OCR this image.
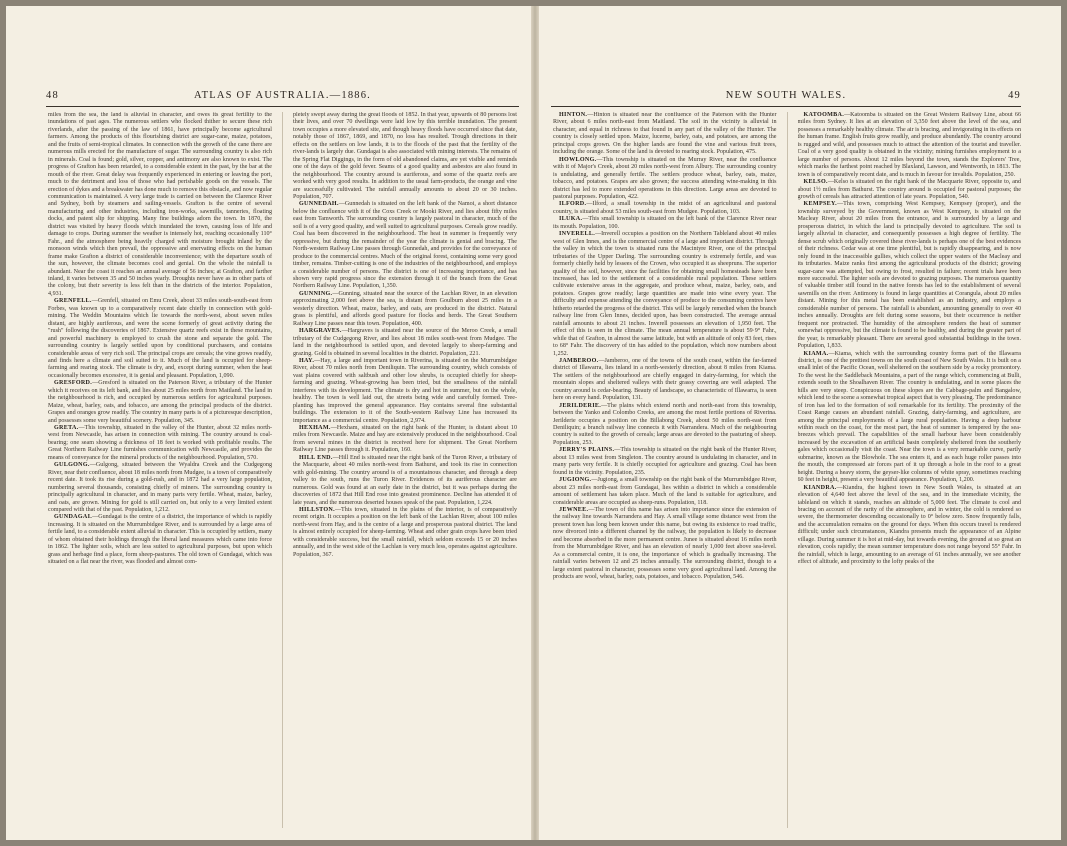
48	ATLAS OF AUSTRALIA.—1886.

miles from the sea, the land is alluvial in character, and owes its great fertility to the inundations of past ages. The numerous settlers who flocked thither to secure these rich riverlands, after the passing of the law of 1861, have principally become agricultural farmers. Among the products of this flourishing district are sugar-cane, maize, potatoes, and the fruits of semi-tropical climates. In connection with the growth of the cane there are numerous mills erected for the manufacture of sugar. The surrounding country is also rich in minerals. Coal is found; gold, silver, copper, and antimony are also known to exist. The progress of Grafton has been retarded, to a considerable extent in the past, by the bar at the mouth of the river. Great delay was frequently experienced in entering or leaving the port, much to the detriment and loss of those who had perishable goods on the vessels. The erection of dykes and a breakwater has done much to remove this obstacle, and now regular communication is maintained. A very large trade is carried on between the Clarence River and Sydney, both by steamers and sailing-vessels. Grafton is the centre of several manufacturing and other industries, including iron-works, sawmills, tanneries, floating docks, and patent slip for shipping. Many fine buildings adorn the town. In 1870, the district was visited by heavy floods which inundated the town, causing loss of life and damage to crops. During summer the weather is intensely hot, reaching occasionally 110° Fahr., and the atmosphere being heavily charged with moisture brought inland by the monsoon winds which then prevail, the oppressive and enervating effects on the human frame make Grafton a district of considerable inconvenience; with the departure south of the sun, however, the climate becomes cool and genial. On the whole the rainfall is abundant. Near the coast it reaches an annual average of 56 inches; at Grafton, and farther inland, it varies between 35 and 50 inches yearly. Droughts never have as in other parts of the colony, but their severity is less felt than in the districts of the interior. Population, 4,931.

GRENFELL.—Grenfell, situated on Emu Creek, about 33 miles south-south-east from Forbes, was known up to a comparatively recent date chiefly in connection with gold-mining. The Weddin Mountains which lie towards the north-west, about seven miles distant, are highly auriferous, and were the scene formerly of great activity during the "rush" following the discoveries of 1867. Extensive quartz reefs exist in these mountains, and powerful machinery is employed to crush the stone and separate the gold. The surrounding country is largely settled upon by conditional purchasers, and contains considerable areas of very rich soil. The principal crops are cereals; the vine grows readily, and finds here a climate and soil suited to it. Much of the land is occupied for sheep-farming and rearing stock. The climate is dry, and, except during summer, when the heat occasionally becomes excessive, it is genial and pleasant. Population, 1,090.

GRESFORD.—Gresford is situated on the Paterson River, a tributary of the Hunter which it receives on its left bank, and lies about 25 miles north from Maitland. The land in the neighbourhood is rich, and occupied by numerous settlers for agricultural purposes. Maize, wheat, barley, oats, and tobacco, are among the principal products of the district. Grapes and oranges grow readily. The country in many parts is of a picturesque description, and possesses some very beautiful scenery. Population, 345.

GRETA.—This township, situated in the valley of the Hunter, about 32 miles north-west from Newcastle, has arisen in connection with mining. The country around is coal-bearing; one seam showing a thickness of 18 feet is worked with profitable results. The Great Northern Railway Line furnishes communication with Newcastle, and provides the means of conveyance for the mineral products of the neighbourhood. Population, 570.

GULGONG.—Gulgong, situated between the Wyaldra Creek and the Cudgegong River, near their confluence, about 18 miles north from Mudgee, is a town of comparatively recent date. It took its rise during a gold-rush, and in 1872 had a very large population, numbering several thousands, consisting chiefly of miners. The surrounding country is principally agricultural in character, and in many parts very fertile. Wheat, maize, barley, and oats, are grown. Mining for gold is still carried on, but only to a very limited extent compared with that of the past. Population, 1,212.

GUNDAGAI.—Gundagai is the centre of a district, the importance of which is rapidly increasing. It is situated on the Murrumbidgee River, and is surrounded by a large area of fertile land, to a considerable extent alluvial in character. This is occupied by settlers, many of whom obtained their holdings through the liberal land measures which came into force in 1862. The lighter soils, which are less suited to agricultural purposes, but upon which grass and herbage find a place, form sheep-pastures. The old town of Gundagai, which was situated on a flat near the river, was flooded and almost com-

pletely swept away during the great floods of 1852. In that year, upwards of 80 persons lost their lives, and over 70 dwellings were laid low by this terrible inundation. The present town occupies a more elevated site, and though heavy floods have occurred since that date, notably those of 1867, 1869, and 1870, no loss has resulted. Trough directions in their effects on the settlers on low lands, it is to the floods of the past that the fertility of the river-lands is largely due. Gundagai is also associated with mining interests. The remains of the Spring Flat Diggings, in the form of old abandoned claims, are yet visible and reminds one of the days of the gold fever. Seams of a good quality and asbestos are also found in the neighbourhood. The country around is auriferous, and some of the quartz reefs are worked with very good results. In addition to the usual farm-products, the orange and vine are successfully cultivated. The rainfall annually amounts to about 20 or 30 inches. Population, 707.

GUNNEDAH.—Gunnedah is situated on the left bank of the Namoi, a short distance below the confluence with it of the Coxs Creek or Mooki River, and lies about fifty miles east from Tamworth. The surrounding country is largely pastoral in character, much of the soil is of a very good quality, and well suited to agricultural purposes. Cereals grow readily. Coal has been discovered in the neighbourhood. The heat in summer is frequently very oppressive, but during the remainder of the year the climate is genial and bracing. The North-western Railway Line passes through Gunnedah, and provides for the conveyance of produce to the commercial centres. Much of the original forest, containing some very good timber, remains. Timber-cutting is one of the industries of the neighbourhood, and employs a considerable number of persons. The district is one of increasing importance, and has shown very rapid progress since the extension through it of the branch from the Great Northern Railway Line. Population, 1,350.

GUNNING.—Gunning, situated near the source of the Lachlan River, in an elevation approximating 2,000 feet above the sea, is distant from Goulburn about 25 miles in a westerly direction. Wheat, maize, barley, and oats, are produced in the district. Natural grass is plentiful, and affords good pasture for flocks and herds. The Great Southern Railway Line passes near this town. Population, 400.

HARGRAVES.—Hargraves is situated near the source of the Meroo Creek, a small tributary of the Cudgegong River, and lies about 18 miles south-west from Mudgee. The land in the neighbourhood is settled upon, and devoted largely to sheep-farming and grazing. Gold is obtained in several localities in the district. Population, 221.

HAY.—Hay, a large and important town in Riverina, is situated on the Murrumbidgee River, about 70 miles north from Deniliquin. The surrounding country, which consists of vast plains covered with saltbush and other low shrubs, is occupied chiefly for sheep-farming and grazing. Wheat-growing has been tried, but the smallness of the rainfall interferes with its development. The climate is dry and hot in summer, but on the whole, healthy. The town is well laid out, the streets being wide and carefully formed. Tree-planting has improved the general appearance. Hay contains several fine substantial buildings. The extension to it of the South-western Railway Line has increased its importance as a commercial centre. Population, 2,974.

HEXHAM.—Hexham, situated on the right bank of the Hunter, is distant about 10 miles from Newcastle. Maize and hay are extensively produced in the neighbourhood. Coal from several mines in the district is received here for shipment. The Great Northern Railway Line passes through it. Population, 160.

HILL END.—Hill End is situated near the right bank of the Turon River, a tributary of the Macquarie, about 40 miles north-west from Bathurst, and took its rise in connection with gold-mining. The country around is of a mountainous character, and through a deep valley to the south, runs the Turon River. Evidences of its auriferous character are numerous. Gold was found at an early date in the district, but it was perhaps during the discoveries of 1872 that Hill End rose into greatest prominence. Decline has attended it of late years, and the numerous deserted houses speak of the past. Population, 1,224.

HILLSTON.—This town, situated in the plains of the interior, is of comparatively recent origin. It occupies a position on the left bank of the Lachlan River, about 100 miles north-west from Hay, and is the centre of a large and prosperous pastoral district. The land is almost entirely occupied for sheep-farming. Wheat and other grain crops have been tried with considerable success, but the small rainfall, which seldom exceeds 15 or 20 inches annually, and in the west side of the Lachlan is very much less, operates against agriculture. Population, 367.

NEW SOUTH WALES.	49

HINTON.—Hinton is situated near the confluence of the Paterson with the Hunter River, about 6 miles north-east from Maitland. The soil in the vicinity is alluvial in character, and equal in richness to that found in any part of the valley of the Hunter. The country is closely settled upon. Maize, lucerne, barley, oats, and potatoes, are among the principal crops grown. On the higher lands are found the vine and various fruit trees, including the orange. Some of the land is devoted to rearing stock. Population, 475.

HOWLONG.—This township is situated on the Murray River, near the confluence with it of Major's Creek, about 20 miles north-west from Albury. The surrounding country is undulating, and generally fertile. The settlers produce wheat, barley, oats, maize, tobacco, and potatoes. Grapes are also grown; the success attending wine-making in this district has led to more extended operations in this direction. Large areas are devoted to pastoral purposes. Population, 422.

ILFORD.—Ilford, a small township in the midst of an agricultural and pastoral country, is situated about 53 miles south-east from Mudgee. Population, 103.

ILUKA.—This small township is situated on the left bank of the Clarence River near its mouth. Population, 100.

INVERELL.—Inverell occupies a position on the Northern Tableland about 40 miles west of Glen Innes, and is the commercial centre of a large and important district. Through the valley in which the town is situated runs the Macintyre River, one of the principal tributaries of the Upper Darling. The surrounding country is extremely fertile, and was formerly chiefly held by lessees of the Crown, who occupied it as sheepruns. The superior quality of the soil, however, since the facilities for obtaining small homesteads have been increased, has led to the settlement of a considerable rural population. These settlers cultivate extensive areas in the aggregate, and produce wheat, maize, barley, oats, and potatoes. Grapes grow readily; large quantities are made into wine every year. The difficulty and expense attending the conveyance of produce to the consuming centres have hitherto retarded the progress of the district. This will be largely remedied when the branch railway line from Glen Innes, decided upon, has been constructed. The average annual rainfall amounts to about 21 inches. Inverell possesses an elevation of 1,950 feet. The effect of this is seen in the climate. The mean annual temperature is about 59·9° Fahr., while that of Grafton, in almost the same latitude, but with an altitude of only 83 feet, rises to 68° Fahr. The discovery of tin has added to the population, which now numbers about 1,252.

JAMBEROO.—Jamberoo, one of the towns of the south coast, within the far-famed district of Illawarra, lies inland in a north-westerly direction, about 8 miles from Kiama. The settlers of the neighbourhood are chiefly engaged in dairy-farming, for which the mountain slopes and sheltered valleys with their grassy covering are well adapted. The country around is cedar-bearing. Beauty of landscape, so characteristic of Illawarra, is seen here on every hand. Population, 131.

JERILDERIE.—The plains which extend north and north-east from this township, between the Yanko and Colombo Creeks, are among the most fertile portions of Riverina. Jerilderie occupies a position on the Billabong Creek, about 50 miles north-east from Deniliquin; a branch railway line connects it with Narrandera. Much of the neighbouring country is suited to the growth of cereals; large areas are devoted to the pasturing of sheep. Population, 253.

JERRY'S PLAINS.—This township is situated on the right bank of the Hunter River, about 13 miles west from Singleton. The country around is undulating in character, and in many parts very fertile. It is chiefly occupied for agriculture and grazing. Coal has been found in the vicinity. Population, 235.

JUGIONG.—Jugiong, a small township on the right bank of the Murrumbidgee River, about 23 miles north-east from Gundagai, lies within a district in which a considerable amount of settlement has taken place. Much of the land is suitable for agriculture, and considerable areas are occupied as sheep-runs. Population, 118.

JEWNEE.—The town of this name has arisen into importance since the extension of the railway line towards Narrandera and Hay. A small village some distance west from the present town has long been known under this name, but owing its existence to road traffic, now divorced into a different channel by the railway, the population is likely to decrease and become absorbed in the more permanent centre. Junee is situated about 16 miles north from the Murrumbidgee River, and has an elevation of nearly 1,000 feet above sea-level. As a commercial centre, it is one, the importance of which is gradually increasing. The rainfall varies between 12 and 25 inches annually. The surrounding district, though to a large extent pastoral in character, possesses some very good agricultural land. Among the products are wool, wheat, barley, oats, potatoes, and tobacco. Population, 546.

KATOOMBA.—Katoomba is situated on the Great Western Railway Line, about 66 miles from Sydney. It lies at an elevation of 3,350 feet above the level of the sea, and possesses a remarkably healthy climate. The air is bracing, and invigorating in its effects on the human frame. English fruits grow readily, and produce abundantly. The country around is rugged and wild, and possesses much to attract the attention of the tourist and traveller. Coal of a very good quality is obtained in the vicinity; mining furnishes employment to a large number of persons. About 12 miles beyond the town, stands the Explorers' Tree, which marks the farthest point reached by Blaxland, Lawson, and Wentworth, in 1813. The town is of comparatively recent date, and is much in favour for invalids. Population, 250.

KELSO.—Kelso is situated on the right bank of the Macquarie River, opposite to, and about 1½ miles from Bathurst. The country around is occupied for pastoral purposes; the growth of cereals has attracted attention of late years. Population, 540.

KEMPSEY.—This town, comprising West Kempsey, Kempsey (proper), and the township surveyed by the Government, known as West Kempsey, is situated on the Macleay River, about 20 miles from the entrance, and is surrounded by a large and prosperous district, in which the land is principally devoted to agriculture. The soil is largely alluvial in character, and consequently possesses a high degree of fertility. The dense scrub which originally covered these river-lands is perhaps one of the best evidences of their richness. Cedar was at one time plentiful, but is rapidly disappearing, and is now only found in the inaccessible gullies, which collect the upper waters of the Macleay and its tributaries. Maize ranks first among the agricultural products of the district; growing sugar-cane was attempted, but owing to frost, resulted in failure; recent trials have been more successful. The lighter soils are devoted to grazing purposes. The numerous quantity of valuable timber still found in the native forests has led to the establishment of several sawmills on the river. Antimony is found in large quantities at Corangula, about 20 miles distant. Mining for this metal has been established as an industry, and employs a considerable number of persons. The rainfall is abundant, amounting generally to over 40 inches annually. Droughts are felt during some seasons, but their occurrence is neither frequent nor protracted. The humidity of the atmosphere renders the heat of summer somewhat oppressive, but the climate is found to be healthy, and during the greater part of the year, is remarkably pleasant. There are several good substantial buildings in the town. Population, 1,833.

KIAMA.—Kiama, which with the surrounding country forms part of the Illawarra district, is one of the prettiest towns on the south coast of New South Wales. It is built on a small inlet of the Pacific Ocean, well sheltered on the southern side by a rocky promontory. To the west lie the Saddleback Mountains, a part of the range which, commencing at Bulli, extends south to the Shoalhaven River. The country is undulating, and in some places the hills are very steep. Conspicuous on these slopes are the Cabbage-palm and Bangalow, which lend to the scene a somewhat tropical aspect that is very pleasing. The predominance of iron has led to the formation of soil remarkable for its fertility. The proximity of the Coast Range causes an abundant rainfall. Grazing, dairy-farming, and agriculture, are among the principal employments of a large rural population. Having a deep harbour within reach on the coast, for the most part, the heat of summer is tempered by the sea-breezes which prevail. The capabilities of the small harbour have been considerably increased by the excavation of an artificial basin completely sheltered from the southerly gales which occasionally visit the coast. Near the town is a very remarkable curve, partly submarine, known as the Blowhole. The sea enters it, and as each huge roller passes into the mouth, the compressed air forces part of it up through a hole in the roof to a great height. During a heavy storm, the geyser-like columns of white spray, sometimes reaching 60 feet in height, present a very beautiful appearance. Population, 1,200.

KIANDRA.—Kiandra, the highest town in New South Wales, is situated at an elevation of 4,640 feet above the level of the sea, and in the immediate vicinity, the tableland on which it stands, reaches an altitude of 5,000 feet. The climate is cool and bracing on account of the rarity of the atmosphere, and in winter, the cold is rendered so severe, the thermometer descending occasionally to 0° below zero. Snow frequently falls, and the accumulation remains on the ground for days. When this occurs travel is rendered difficult; under such circumstances, Kiandra presents much the appearance of an Alpine village. During summer it is hot at mid-day, but towards evening, the ground at so great an elevation, cools rapidly; the mean summer temperature does not range beyond 55° Fahr. In the rainfall, which is large, amounting to an average of 61 inches annually, we see another effect of altitude, and proximity to the lofty peaks of the
